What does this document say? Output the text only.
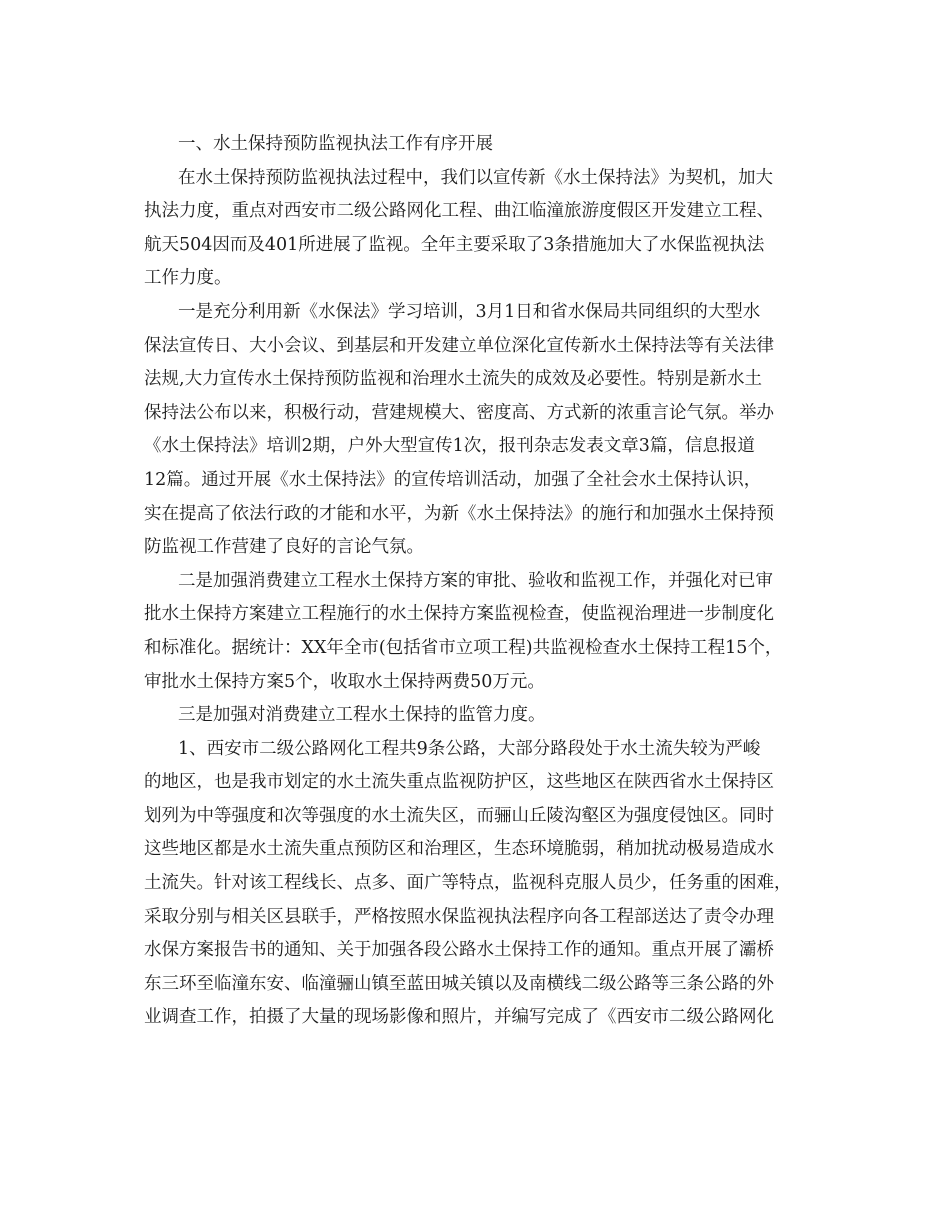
一、水土保持预防监视执法工作有序开展
在水土保持预防监视执法过程中，我们以宣传新《水土保持法》为契机，加大
执法力度，重点对西安市二级公路网化工程、曲江临潼旅游度假区开发建立工程、
航天504因而及401所进展了监视。全年主要采取了3条措施加大了水保监视执法
工作力度。
一是充分利用新《水保法》学习培训，3月1日和省水保局共同组织的大型水
保法宣传日、大小会议、到基层和开发建立单位深化宣传新水土保持法等有关法律
法规,大力宣传水土保持预防监视和治理水土流失的成效及必要性。特别是新水土
保持法公布以来，积极行动，营建规模大、密度高、方式新的浓重言论气氛。举办
《水土保持法》培训2期，户外大型宣传1次，报刊杂志发表文章3篇，信息报道
12篇。通过开展《水土保持法》的宣传培训活动，加强了全社会水土保持认识，
实在提高了依法行政的才能和水平，为新《水土保持法》的施行和加强水土保持预
防监视工作营建了良好的言论气氛。
二是加强消费建立工程水土保持方案的审批、验收和监视工作，并强化对已审
批水土保持方案建立工程施行的水土保持方案监视检查，使监视治理进一步制度化
和标准化。据统计：XX年全市(包括省市立项工程)共监视检查水土保持工程15个，
审批水土保持方案5个，收取水土保持两费50万元。
三是加强对消费建立工程水土保持的监管力度。
1、西安市二级公路网化工程共9条公路，大部分路段处于水土流失较为严峻
的地区，也是我市划定的水土流失重点监视防护区，这些地区在陕西省水土保持区
划列为中等强度和次等强度的水土流失区，而骊山丘陵沟壑区为强度侵蚀区。同时
这些地区都是水土流失重点预防区和治理区，生态环境脆弱，稍加扰动极易造成水
土流失。针对该工程线长、点多、面广等特点，监视科克服人员少，任务重的困难，
采取分别与相关区县联手，严格按照水保监视执法程序向各工程部送达了责令办理
水保方案报告书的通知、关于加强各段公路水土保持工作的通知。重点开展了灞桥
东三环至临潼东安、临潼骊山镇至蓝田城关镇以及南横线二级公路等三条公路的外
业调查工作，拍摄了大量的现场影像和照片，并编写完成了《西安市二级公路网化
